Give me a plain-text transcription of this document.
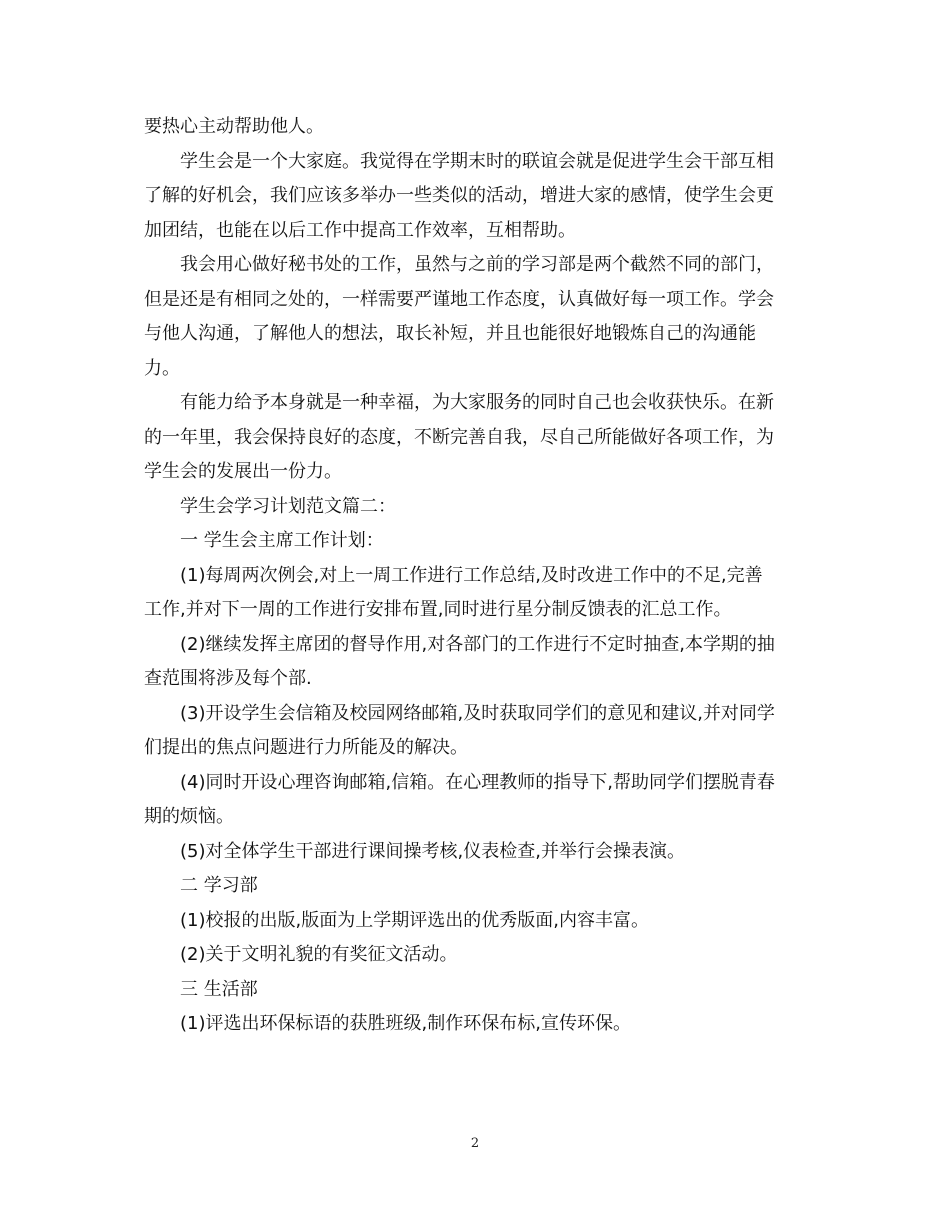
要热心主动帮助他人。

学生会是一个大家庭。我觉得在学期末时的联谊会就是促进学生会干部互相

了解的好机会，我们应该多举办一些类似的活动，增进大家的感情，使学生会更

加团结，也能在以后工作中提高工作效率，互相帮助。

我会用心做好秘书处的工作，虽然与之前的学习部是两个截然不同的部门，

但是还是有相同之处的，一样需要严谨地工作态度，认真做好每一项工作。学会

与他人沟通，了解他人的想法，取长补短，并且也能很好地锻炼自己的沟通能

力。

有能力给予本身就是一种幸福，为大家服务的同时自己也会收获快乐。在新

的一年里，我会保持良好的态度，不断完善自我，尽自己所能做好各项工作，为

学生会的发展出一份力。

学生会学习计划范文篇二：

一 学生会主席工作计划：

(1)每周两次例会,对上一周工作进行工作总结,及时改进工作中的不足,完善

工作,并对下一周的工作进行安排布置,同时进行星分制反馈表的汇总工作。

(2)继续发挥主席团的督导作用,对各部门的工作进行不定时抽查,本学期的抽

查范围将涉及每个部.

(3)开设学生会信箱及校园网络邮箱,及时获取同学们的意见和建议,并对同学

们提出的焦点问题进行力所能及的解决。

(4)同时开设心理咨询邮箱,信箱。在心理教师的指导下,帮助同学们摆脱青春

期的烦恼。

(5)对全体学生干部进行课间操考核,仪表检查,并举行会操表演。

二 学习部

(1)校报的出版,版面为上学期评选出的优秀版面,内容丰富。

(2)关于文明礼貌的有奖征文活动。

三 生活部

(1)评选出环保标语的获胜班级,制作环保布标,宣传环保。

2
